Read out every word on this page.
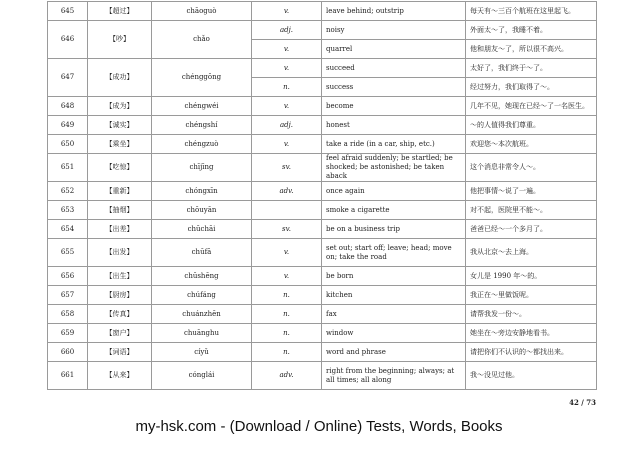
645	【超过】	chāoguò	v.	leave behind; outstrip	每天有～三百个航班在这里起飞。
646	【吵】	chǎo	adj.	noisy	外面太～了，我睡不着。
			v.	quarrel	他和朋友～了，所以很不高兴。
647	【成功】	chénggōng	v.	succeed	太好了，我们终于～了。
			n.	success	经过努力，我们取得了～。
648	【成为】	chéngwéi	v.	become	几年不见，她现在已经～了一名医生。
649	【诚实】	chéngshí	adj.	honest	～的人值得我们尊重。
650	【乘坐】	chéngzuò	v.	take a ride (in a car, ship, etc.)	欢迎您～本次航班。
651	【吃惊】	chījīng	sv.	feel afraid suddenly; be startled; be shocked; be astonished; be taken aback	这个消息非常令人～。
652	【重新】	chóngxīn	adv.	once again	他把事情～说了一遍。
653	【抽烟】	chōuyān		smoke a cigarette	对不起，医院里不能～。
654	【出差】	chūchāi	sv.	be on a business trip	爸爸已经～一个多月了。
655	【出发】	chūfā	v.	set out; start off; leave; head; move on; take the road	我从北京～去上海。
656	【出生】	chūshēng	v.	be born	女儿是 1990 年～的。
657	【厨房】	chúfáng	n.	kitchen	我正在～里做饭呢。
658	【传真】	chuánzhēn	n.	fax	请帮我发一份～。
659	【窗户】	chuānghu	n.	window	她坐在～旁边安静地看书。
660	【词语】	cíyǔ	n.	word and phrase	请把你们不认识的～都找出来。
661	【从来】	cónglái	adv.	right from the beginning; always; at all times; all along	我～没见过他。
42 / 73
my-hsk.com - (Download / Online) Tests, Words, Books
